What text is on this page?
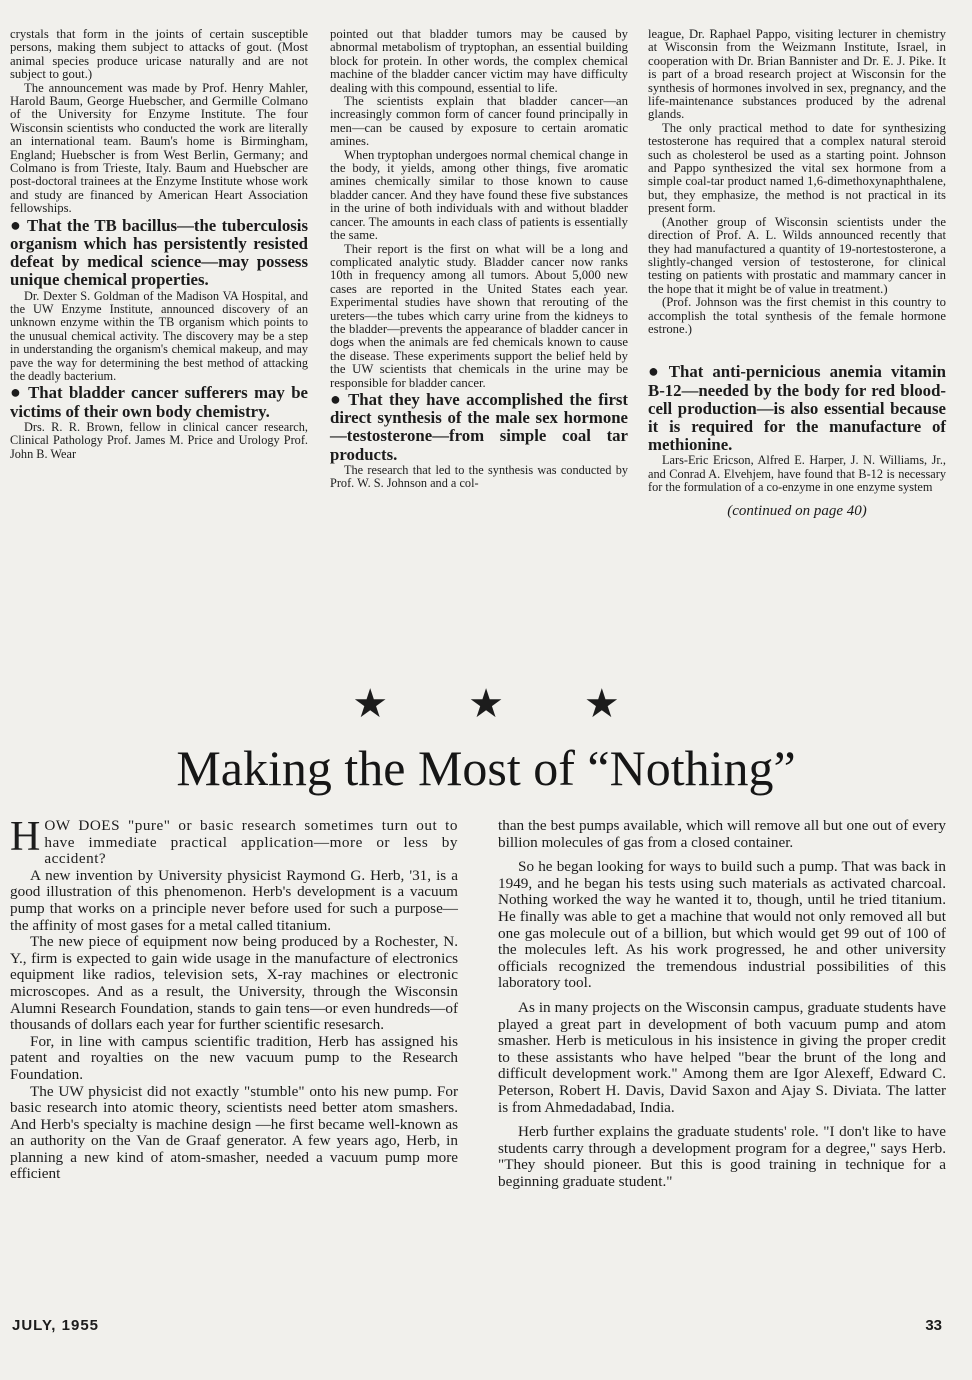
crystals that form in the joints of certain susceptible persons, making them subject to attacks of gout. (Most animal species produce uricase naturally and are not subject to gout.)

The announcement was made by Prof. Henry Mahler, Harold Baum, George Huebscher, and Germille Colmano of the University for Enzyme Institute. The four Wisconsin scientists who conducted the work are literally an international team. Baum's home is Birmingham, England; Huebscher is from West Berlin, Germany; and Colmano is from Trieste, Italy. Baum and Huebscher are post-doctoral trainees at the Enzyme Institute whose work and study are financed by American Heart Association fellowships.

● That the TB bacillus—the tuberculosis organism which has persistently resisted defeat by medical science—may possess unique chemical properties.

Dr. Dexter S. Goldman of the Madison VA Hospital, and the UW Enzyme Institute, announced discovery of an unknown enzyme within the TB organism which points to the unusual chemical activity. The discovery may be a step in understanding the organism's chemical makeup, and may pave the way for determining the best method of attacking the deadly bacterium.

● That bladder cancer sufferers may be victims of their own body chemistry.

Drs. R. R. Brown, fellow in clinical cancer research, Clinical Pathology Prof. James M. Price and Urology Prof. John B. Wear

pointed out that bladder tumors may be caused by abnormal metabolism of tryptophan, an essential building block for protein. In other words, the complex chemical machine of the bladder cancer victim may have difficulty dealing with this compound, essential to life.

The scientists explain that bladder cancer—an increasingly common form of cancer found principally in men—can be caused by exposure to certain aromatic amines.

When tryptophan undergoes normal chemical change in the body, it yields, among other things, five aromatic amines chemically similar to those known to cause bladder cancer. And they have found these five substances in the urine of both individuals with and without bladder cancer. The amounts in each class of patients is essentially the same.

Their report is the first on what will be a long and complicated analytic study. Bladder cancer now ranks 10th in frequency among all tumors. About 5,000 new cases are reported in the United States each year. Experimental studies have shown that rerouting of the ureters—the tubes which carry urine from the kidneys to the bladder—prevents the appearance of bladder cancer in dogs when the animals are fed chemicals known to cause the disease. These experiments support the belief held by the UW scientists that chemicals in the urine may be responsible for bladder cancer.

● That they have accomplished the first direct synthesis of the male sex hormone—testosterone—from simple coal tar products.

The research that led to the synthesis was conducted by Prof. W. S. Johnson and a col-

league, Dr. Raphael Pappo, visiting lecturer in chemistry at Wisconsin from the Weizmann Institute, Israel, in cooperation with Dr. Brian Bannister and Dr. E. J. Pike. It is part of a broad research project at Wisconsin for the synthesis of hormones involved in sex, pregnancy, and the life-maintenance substances produced by the adrenal glands.

The only practical method to date for synthesizing testosterone has required that a complex natural steroid such as cholesterol be used as a starting point. Johnson and Pappo synthesized the vital sex hormone from a simple coal-tar product named 1,6-dimethoxynaphthalene, but, they emphasize, the method is not practical in its present form.

(Another group of Wisconsin scientists under the direction of Prof. A. L. Wilds announced recently that they had manufactured a quantity of 19-nortestosterone, a slightly-changed version of testosterone, for clinical testing on patients with prostatic and mammary cancer in the hope that it might be of value in treatment.)

(Prof. Johnson was the first chemist in this country to accomplish the total synthesis of the female hormone estrone.)

● That anti-pernicious anemia vitamin B-12—needed by the body for red blood-cell production—is also essential because it is required for the manufacture of methionine.

Lars-Eric Ericson, Alfred E. Harper, J. N. Williams, Jr., and Conrad A. Elvehjem, have found that B-12 is necessary for the formulation of a co-enzyme in one enzyme system

(continued on page 40)
★ ★ ★
Making the Most of “Nothing”

HOW DOES "pure" or basic research sometimes turn out to have immediate practical application—more or less by accident?

A new invention by University physicist Raymond G. Herb, '31, is a good illustration of this phenomenon. Herb's development is a vacuum pump that works on a principle never before used for such a purpose—the affinity of most gases for a metal called titanium.

The new piece of equipment now being produced by a Rochester, N. Y., firm is expected to gain wide usage in the manufacture of electronics equipment like radios, television sets, X-ray machines or electronic microscopes. And as a result, the University, through the Wisconsin Alumni Research Foundation, stands to gain tens—or even hundreds—of thousands of dollars each year for further scientific resesarch.

For, in line with campus scientific tradition, Herb has assigned his patent and royalties on the new vacuum pump to the Research Foundation.

The UW physicist did not exactly "stumble" onto his new pump. For basic research into atomic theory, scientists need better atom smashers. And Herb's specialty is machine design —he first became well-known as an authority on the Van de Graaf generator. A few years ago, Herb, in planning a new kind of atom-smasher, needed a vacuum pump more efficient

than the best pumps available, which will remove all but one out of every billion molecules of gas from a closed container.

So he began looking for ways to build such a pump. That was back in 1949, and he began his tests using such materials as activated charcoal. Nothing worked the way he wanted it to, though, until he tried titanium. He finally was able to get a machine that would not only removed all but one gas molecule out of a billion, but which would get 99 out of 100 of the molecules left. As his work progressed, he and other university officials recognized the tremendous industrial possibilities of this laboratory tool.

As in many projects on the Wisconsin campus, graduate students have played a great part in development of both vacuum pump and atom smasher. Herb is meticulous in his insistence in giving the proper credit to these assistants who have helped "bear the brunt of the long and difficult development work." Among them are Igor Alexeff, Edward C. Peterson, Robert H. Davis, David Saxon and Ajay S. Diviata. The latter is from Ahmedadabad, India.

Herb further explains the graduate students' role. "I don't like to have students carry through a development program for a degree," says Herb. "They should pioneer. But this is good training in technique for a beginning graduate student."

JULY, 1955	33
